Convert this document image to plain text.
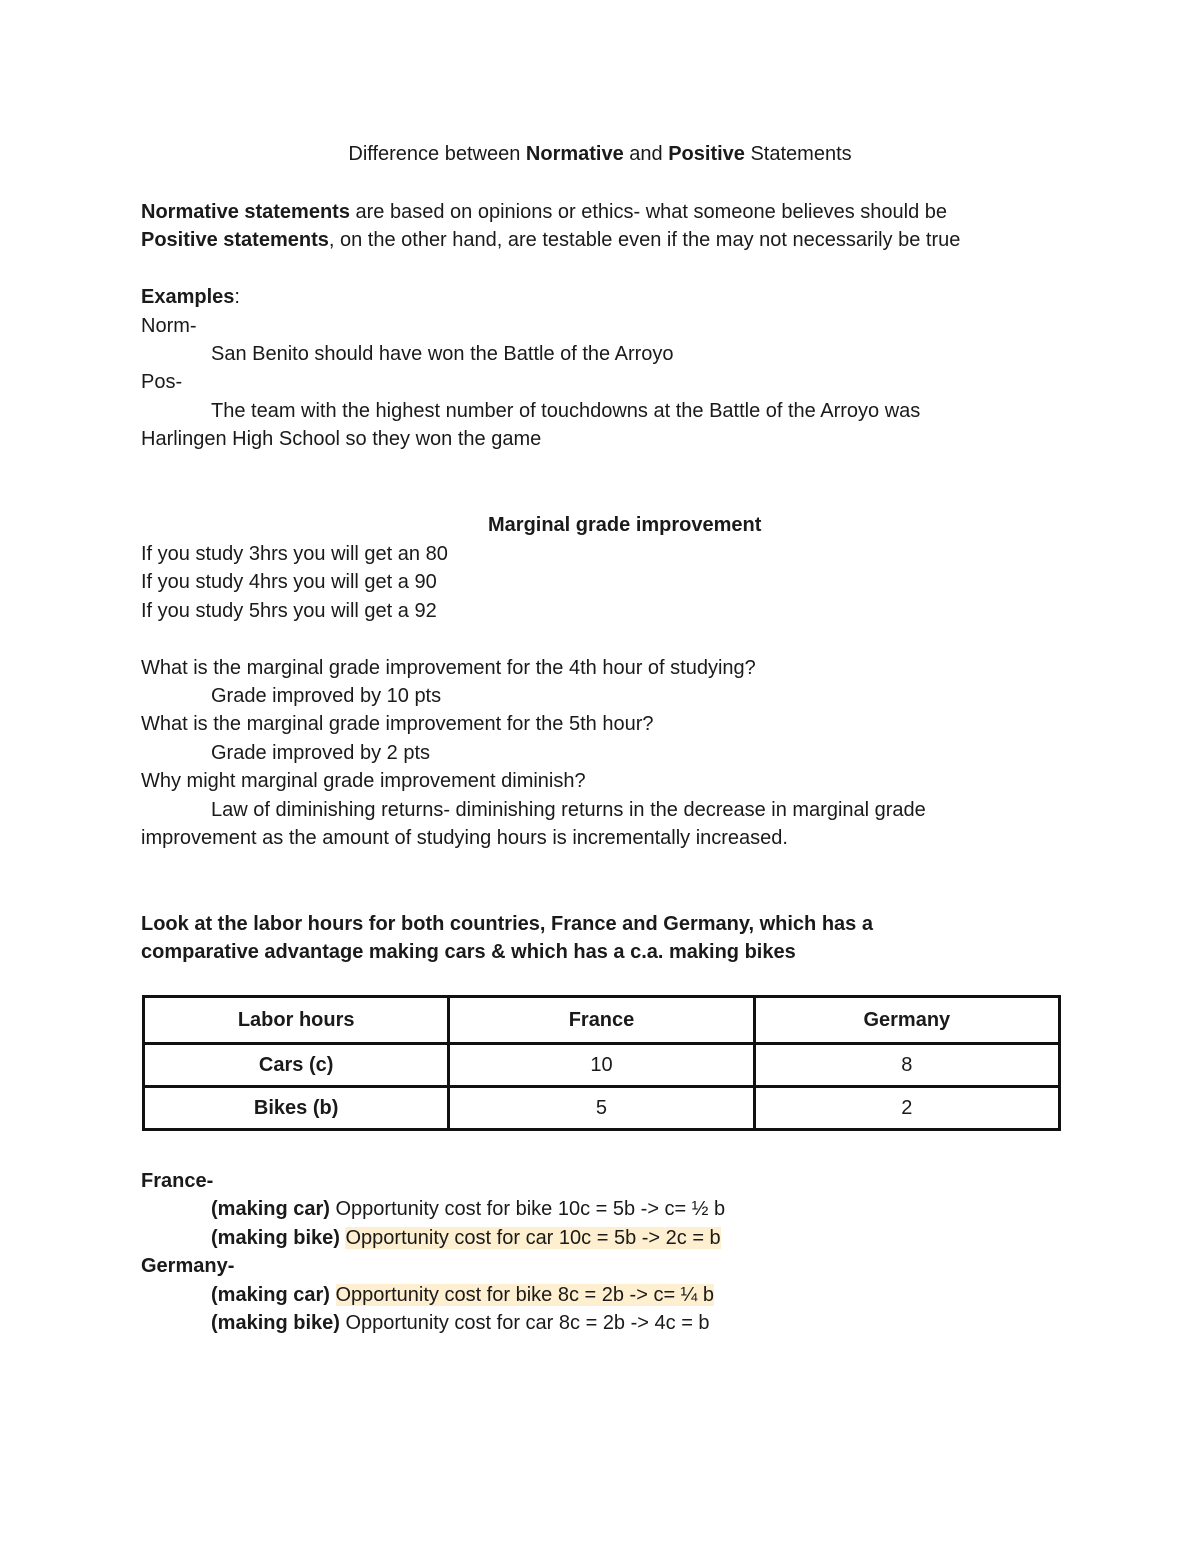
Difference between Normative and Positive Statements
Normative statements are based on opinions or ethics- what someone believes should be
Positive statements, on the other hand, are testable even if the may not necessarily be true
Examples:
Norm-
San Benito should have won the Battle of the Arroyo
Pos-
The team with the highest number of touchdowns at the Battle of the Arroyo was
Harlingen High School so they won the game
Marginal grade improvement
If you study 3hrs you will get an 80
If you study 4hrs you will get a 90
If you study 5hrs you will get a 92
What is the marginal grade improvement for the 4th hour of studying?
Grade improved by 10 pts
What is the marginal grade improvement for the 5th hour?
Grade improved by 2 pts
Why might marginal grade improvement diminish?
Law of diminishing returns- diminishing returns in the decrease in marginal grade
improvement as the amount of studying hours is incrementally increased.
Look at the labor hours for both countries, France and Germany, which has a
comparative advantage making cars & which has a c.a. making bikes
Labor hours	France	Germany
Cars (c)	10	8
Bikes (b)	5	2
France-
(making car) Opportunity cost for bike 10c = 5b -> c= ½ b
(making bike) Opportunity cost for car 10c = 5b -> 2c = b
Germany-
(making car) Opportunity cost for bike 8c = 2b -> c= ¼ b
(making bike) Opportunity cost for car 8c = 2b -> 4c = b
